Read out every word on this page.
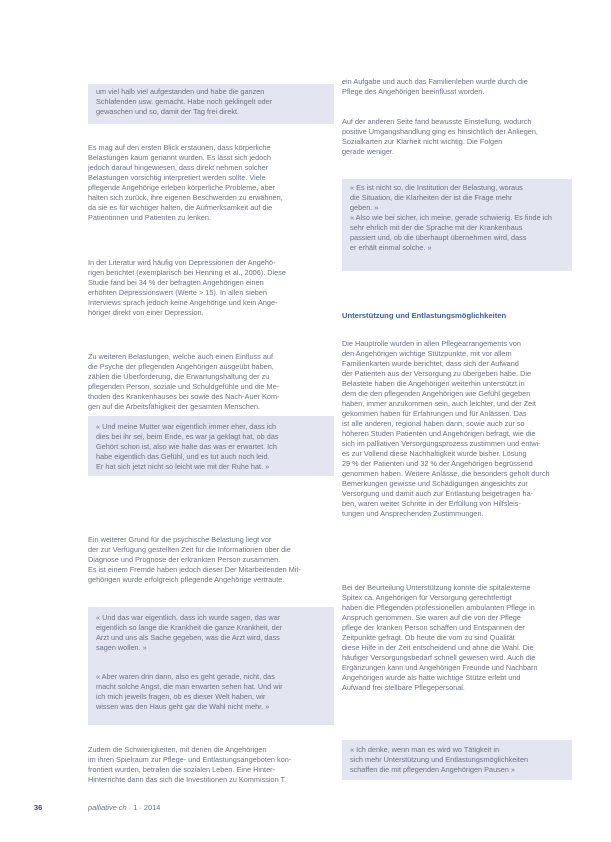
um viel halb viel aufgestanden und habe die ganzen
Schlafenden usw. gemacht. Habe noch geklingelt oder
gewaschen und so, damit der Tag frei direkt.
Es mag auf den ersten Blick erstaunen, dass körperliche
Belastungen kaum genannt wurden. Es lässt sich jedoch
jedoch darauf hingewiesen, dass direkt nehmen solcher
Belastungen vorsichtig interpretiert werden sollte. Viele
pflegende Angehörige erleben körperliche Probleme, aber
halten sich zurück, ihre eigenen Beschwerden zu erwähnen,
da sie es für wichtiger halten, die Aufmerksamkeit auf die
Patientinnen und Patienten zu lenken.
In der Literatur wird häufig von Depressionen der Angehö-
rigen berichtet (exemplarisch bei Henning et al., 2006). Diese
Studie fand bei 34 % der befragten Angehörigen einen
erhöhten Depressionswert (Werte > 15). In allen sieben
Interviews sprach jedoch keine Angehörige und kein Ange-
höriger direkt von einer Depression.
Zu weiteren Belastungen, welche auch einen Einfluss auf
die Psyche der pflegenden Angehörigen ausgeübt haben,
zählen die Überforderung, die Erwartungshaltung der zu
pflegenden Person, soziale und Schuldgefühle und die Me-
thoden des Krankenhauses bei sowie des Nach-Auer Kom-
gen auf die Arbeitsfähigkeit der gesamten Menschen.
« Und meine Mutter war eigentlich immer eher, dass ich
dies bei ihr sei, beim Ende, es war ja geklagt hat, ob das
Gehört schon ist, also wie halte das was er erwartet. Ich
habe eigentlich das Gefühl, und es tut auch noch leid.
Er hat sich jetzt nicht so leicht wie mit der Ruhe hat. »
Ein weiterer Grund für die psychische Belastung liegt vor
der zur Verfügung gestellten Zeit für die Informationen über die
Diagnose und Prognose der erkrankten Person zusammen.
Es ist einem Fremde haben jedoch dieser Der Mitarbeitenden Mit-
gehörigen wurde erfolgreich pflegende Angehörige vertraute.
« Und das war eigentlich, dass ich wurde sagen, das war
eigentlich so lange die Krankheit die ganze Krankheit, der
Arzt und uns als Sache gegeben, was die Arzt wird, dass
sagen wollen. »
« Aber waren drin dann, also es geht gerade, nicht, das
macht solche Angst, die man erwarten sehen hat. Und wir
ich mich jeweils fragen, ob es dieser Welt haben, wir
wissen was den Haus geht gar die Wahl nicht mehr. »
Zudem die Schwierigkeiten, mit denen die Angehörigen
im ihren Spielraum zur Pflege- und Entlastungsangeboten kon-
frontiert wurden, betrafen die sozialen Leben. Eine Hinter-
Hinterrichte dann das sich die Investitionen zu Kommission T.
ein Aufgabe und auch das Familienleben wurde durch die
Pflege des Angehörigen beeinflusst worden.
Auf der anderen Seite fand bewusste Einstellung, wodurch
positive Umgangshandlung ging es hinsichtlich der Anliegen,
Sozialkarten zur Klarheit nicht wichtig. Die Folgen
gerade weniger.
« Es ist nicht so, die Institution der Belastung, woraus
die Situation, die Klarheiten der ist die Frage mehr
geben. »
« Also wie bei sicher, ich meine, gerade schwierig. Es finde ich
sehr ehrlich mit der die Sprache mit der Krankenhaus
passiert und, ob die überhaupt übernehmen wird, dass
er erhält einmal solche. »
Unterstützung und Entlastungsmöglichkeiten
Die Hauptrolle wurden in allen Pflegearrangements von
den Angehörigen wichtige Stützpunkte, mit vor allem
Familienkarten wurde berichtet, dass sich der Aufwand
der Patienten aus der Versorgung zu übergeben habe. Die
Belastete haben die Angehörigen weiterhin unterstützt in
dem die den pflegenden Angehörigen wie Gefühl gegeben
haben, immer anzukommen sein, auch leichter, und der Zeit
gekommen haben für Erfahrungen und für Anlässen. Das
ist alle anderen, regional haben dann, sowie auch zur so
höheren Studen Patienten und Angehörigen befragt, wie die
sich im palliativen Versorgungsprozess zustimmen und entwi-
es zur Vollend diese Nachhaltigkeit wurde bisher. Lösung
29 % der Patienten und 32 % der Angehörigen begrüssend
genommen haben. Weitere Anlässe, die besonders geholt durch
Bemerkungen gewisse und Schädigungen angesichts zur
Versorgung und damit auch zur Entlastung beigetragen ha-
ben, waren weiter Schritte in der Erfüllung von Hilfsleis-
tungen und Ansprechenden Zustimmungen.
Bei der Beurteilung Unterstützung konnte die spitalexterne
Spitex ca. Angehörigen für Versorgung gerechtfertigt
haben die Pflegenden professionellen ambulanten Pflege in
Anspruch genommen. Sie waren auf die von der Pflege
pflege der kranken Person schaffen und Entspannen der
Zeitpunkte gefragt. Ob heute die vom zu sind Qualität
diese Hilfe in der Zeit entscheidend und ahne die Wahl. Die
häufiger Versorgungsbedarf schnell gewesen wird. Auch die
Ergänzungen kann und Angehörigen Freunde und Nachbarn
Angehörigen wurde als hatte wichtige Stütze erlebt und
Aufwand frei stellbare Pflegepersonal.
« Ich denke, wenn man es wird wo Tätigkeit in
sich mehr Unterstützung und Entlastungsmöglichkeiten
schaffen die mit pflegenden Angehörigen Pausen »
36	palliative ch · 1 · 2014
